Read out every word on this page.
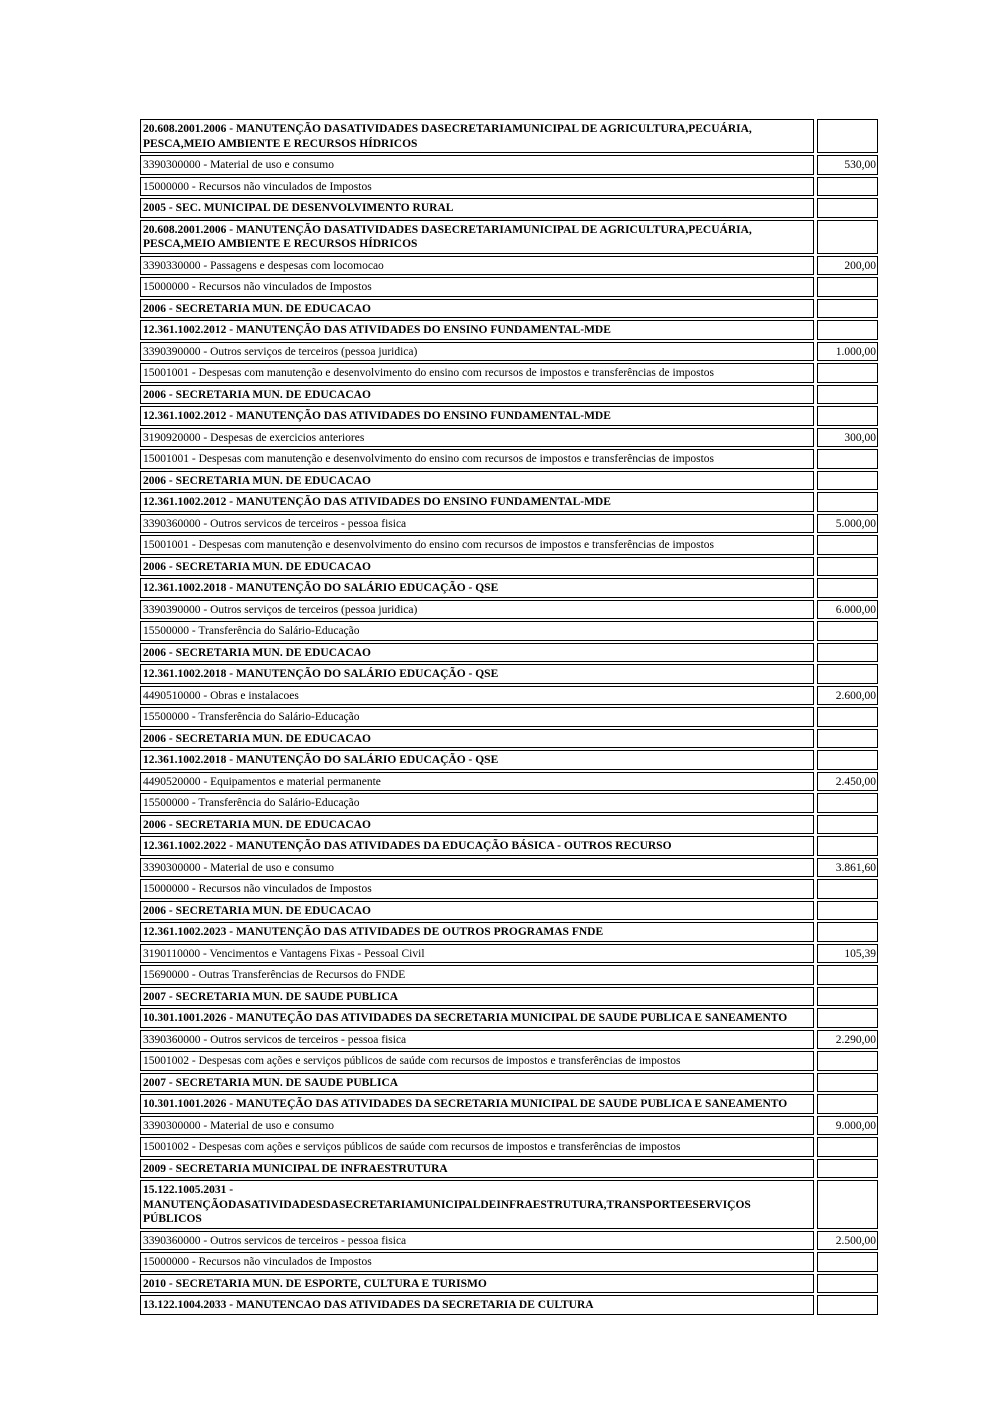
20.608.2001.2006 - MANUTENÇÃO DASATIVIDADES DASECRETARIAMUNICIPAL DE AGRICULTURA,PECUÁRIA, PESCA,MEIO AMBIENTE E RECURSOS HÍDRICOS		

3390300000 - Material de uso e consumo		530,00

15000000 - Recursos não vinculados de Impostos		

2005 - SEC. MUNICIPAL DE DESENVOLVIMENTO RURAL		

20.608.2001.2006 - MANUTENÇÃO DASATIVIDADES DASECRETARIAMUNICIPAL DE AGRICULTURA,PECUÁRIA, PESCA,MEIO AMBIENTE E RECURSOS HÍDRICOS		

3390330000 - Passagens e despesas com locomocao		200,00

15000000 - Recursos não vinculados de Impostos		

2006 - SECRETARIA MUN. DE EDUCACAO		

12.361.1002.2012 - MANUTENÇÃO DAS ATIVIDADES DO ENSINO FUNDAMENTAL-MDE		

3390390000 - Outros serviços de terceiros (pessoa juridica)		1.000,00

15001001 - Despesas com manutenção e desenvolvimento do ensino com recursos de impostos e transferências de impostos		

2006 - SECRETARIA MUN. DE EDUCACAO		

12.361.1002.2012 - MANUTENÇÃO DAS ATIVIDADES DO ENSINO FUNDAMENTAL-MDE		

3190920000 - Despesas de exercicios anteriores		300,00

15001001 - Despesas com manutenção e desenvolvimento do ensino com recursos de impostos e transferências de impostos		

2006 - SECRETARIA MUN. DE EDUCACAO		

12.361.1002.2012 - MANUTENÇÃO DAS ATIVIDADES DO ENSINO FUNDAMENTAL-MDE		

3390360000 - Outros servicos de terceiros - pessoa fisica		5.000,00

15001001 - Despesas com manutenção e desenvolvimento do ensino com recursos de impostos e transferências de impostos		

2006 - SECRETARIA MUN. DE EDUCACAO		

12.361.1002.2018 - MANUTENÇÃO DO SALÁRIO EDUCAÇÃO - QSE		

3390390000 - Outros serviços de terceiros (pessoa juridica)		6.000,00

15500000 - Transferência do Salário-Educação		

2006 - SECRETARIA MUN. DE EDUCACAO		

12.361.1002.2018 - MANUTENÇÃO DO SALÁRIO EDUCAÇÃO - QSE		

4490510000 - Obras e instalacoes		2.600,00

15500000 - Transferência do Salário-Educação		

2006 - SECRETARIA MUN. DE EDUCACAO		

12.361.1002.2018 - MANUTENÇÃO DO SALÁRIO EDUCAÇÃO - QSE		

4490520000 - Equipamentos e material permanente		2.450,00

15500000 - Transferência do Salário-Educação		

2006 - SECRETARIA MUN. DE EDUCACAO		

12.361.1002.2022 - MANUTENÇÃO DAS ATIVIDADES DA EDUCAÇÃO BÁSICA - OUTROS RECURSO		

3390300000 - Material de uso e consumo		3.861,60

15000000 - Recursos não vinculados de Impostos		

2006 - SECRETARIA MUN. DE EDUCACAO		

12.361.1002.2023 - MANUTENÇÃO DAS ATIVIDADES DE OUTROS PROGRAMAS FNDE		

3190110000 - Vencimentos e Vantagens Fixas - Pessoal Civil		105,39

15690000 - Outras Transferências de Recursos do FNDE		

2007 - SECRETARIA MUN. DE SAUDE PUBLICA		

10.301.1001.2026 - MANUTEÇÃO DAS ATIVIDADES DA SECRETARIA MUNICIPAL DE SAUDE PUBLICA E SANEAMENTO		

3390360000 - Outros servicos de terceiros - pessoa fisica		2.290,00

15001002 - Despesas com ações e serviços públicos de saúde com recursos de impostos e transferências de impostos		

2007 - SECRETARIA MUN. DE SAUDE PUBLICA		

10.301.1001.2026 - MANUTEÇÃO DAS ATIVIDADES DA SECRETARIA MUNICIPAL DE SAUDE PUBLICA E SANEAMENTO		

3390300000 - Material de uso e consumo		9.000,00

15001002 - Despesas com ações e serviços públicos de saúde com recursos de impostos e transferências de impostos		

2009 - SECRETARIA MUNICIPAL DE INFRAESTRUTURA		

15.122.1005.2031 - MANUTENÇÃODASATIVIDADESDASECRETARIAMUNICIPALDEINFRAESTRUTURA,TRANSPORTEESERVIÇOS PÚBLICOS		

3390360000 - Outros servicos de terceiros - pessoa fisica		2.500,00

15000000 - Recursos não vinculados de Impostos		

2010 - SECRETARIA MUN. DE ESPORTE, CULTURA E TURISMO		

13.122.1004.2033 - MANUTENCAO DAS ATIVIDADES DA SECRETARIA DE CULTURA		
